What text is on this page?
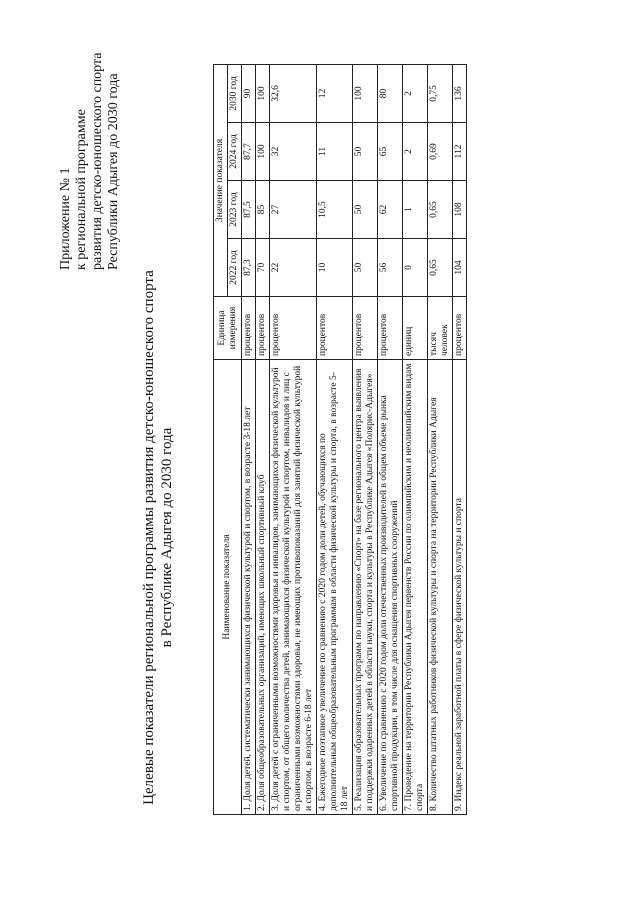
Приложение № 1 к региональной программе развития детско-юношеского спорта Республики Адыгея до 2030 года
Целевые показатели региональной программы развития детско-юношеского спорта в Республике Адыгея до 2030 года	Наименование показателя	Единица измерения	Значение показателя			
		2022 год	2023 год	2024 год	2030 год
1. Доля детей, систематически занимающихся физической культурой и спортом, в возрасте 3-18 лет	процентов	87,3	87,5	87,7	90
2. Доля общеобразовательных организаций, имеющих школьный спортивный клуб	процентов	70	85	100	100
3. Доля детей с ограниченными возможностями здоровья и инвалидов, занимающихся физической культурой и спортом, от общего количества детей, занимающихся физической культурой и спортом, инвалидов и лиц с ограниченными возможностями здоровья, не имеющих противопоказаний для занятий физической культурой и спортом, в возрасте 6-18 лет	процентов	22	27	32	32,6
4. Ежегодное поэтапное увеличение по сравнению с 2020 годом доли детей, обучающихся по дополнительным общеобразовательным программам в области физической культуры и спорта, в возрасте 5-18 лет	процентов	10	10,5	11	12
5. Реализация образовательных программ по направлению «Спорт» на базе регионального центра выявления и поддержки одаренных детей в области науки, спорта и культуры в Республике Адыгея «Полярис-Адыгея»	процентов	50	50	50	100
6. Увеличение по сравнению с 2020 годом доли отечественных производителей в общем объеме рынка спортивной продукции, в том числе для оснащения спортивных сооружений	процентов	56	62	65	80
7. Проведение на территории Республики Адыгея первенств России по олимпийским и неолимпийским видам спорта	единиц	0	1	2	2
8. Количество штатных работников физической культуры и спорта на территории Республики Адыгея	тысяч человек	0,65	0,65	0,69	0,75
9. Индекс реальной заработной платы в сфере физической культуры и спорта	процентов	104	108	112	136
